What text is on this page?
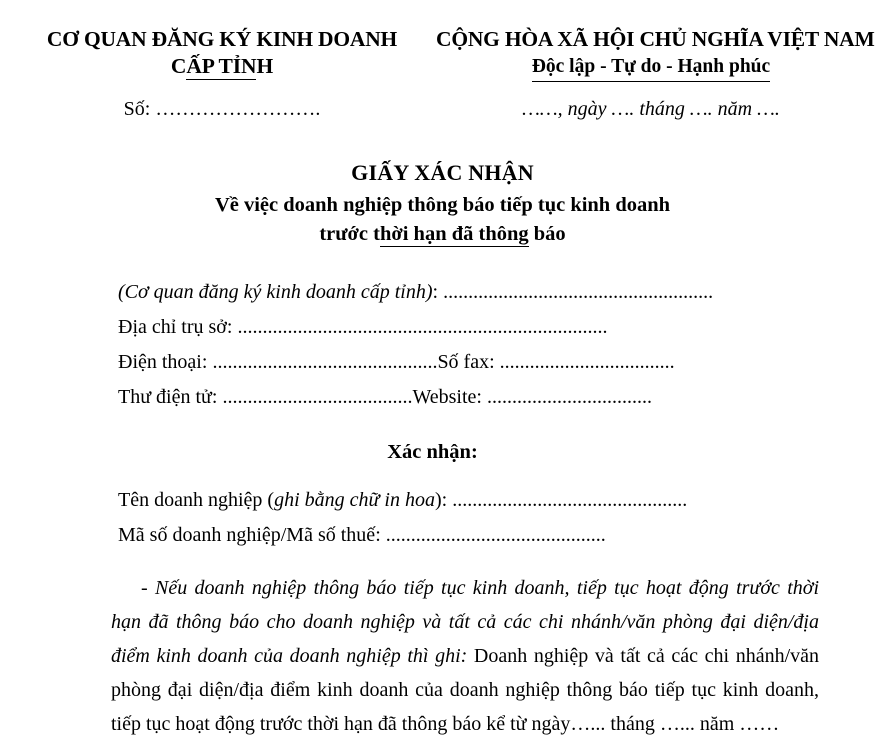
CƠ QUAN ĐĂNG KÝ KINH DOANH
CẤP TỈNH
CỘNG HÒA XÃ HỘI CHỦ NGHĨA VIỆT NAM
Độc lập - Tự do - Hạnh phúc
Số: …………………….	……, ngày …. tháng …. năm ….
GIẤY XÁC NHẬN
Về việc doanh nghiệp thông báo tiếp tục kinh doanh
trước thời hạn đã thông báo
(Cơ quan đăng ký kinh doanh cấp tỉnh): ......................................................
Địa chỉ trụ sở: ..........................................................................
Điện thoại: .............................................Số fax: ...................................
Thư điện tử: ......................................Website: .................................
Xác nhận:
Tên doanh nghiệp (ghi bằng chữ in hoa): ...............................................
Mã số doanh nghiệp/Mã số thuế: ............................................
- Nếu doanh nghiệp thông báo tiếp tục kinh doanh, tiếp tục hoạt động trước thời hạn đã thông báo cho doanh nghiệp và tất cả các chi nhánh/văn phòng đại diện/địa điểm kinh doanh của doanh nghiệp thì ghi: Doanh nghiệp và tất cả các chi nhánh/văn phòng đại diện/địa điểm kinh doanh của doanh nghiệp thông báo tiếp tục kinh doanh, tiếp tục hoạt động trước thời hạn đã thông báo kể từ ngày…... tháng …... năm ……
